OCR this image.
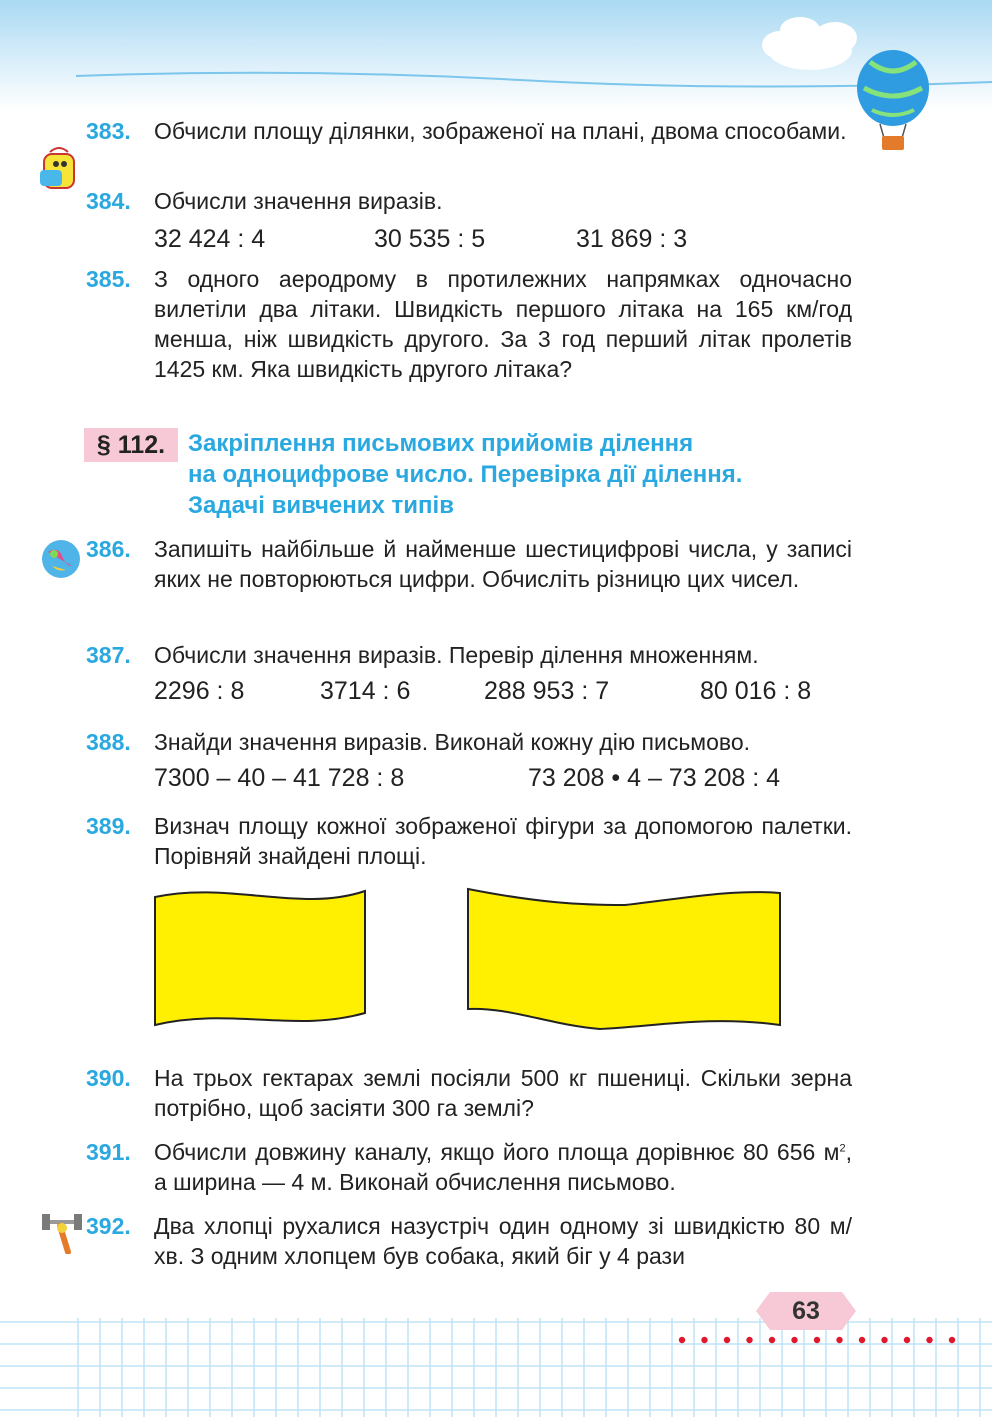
383.	Обчисли площу ділянки, зображеної на плані, двома способами.
384.	Обчисли значення виразів.
32 424 : 4	30 535 : 5	31 869 : 3
385.	З одного аеродрому в протилежних напрямках одночасно вилетіли два літаки. Швидкість першого літака на 165 км/год менша, ніж швидкість другого. За 3 год перший літак пролетів 1425 км. Яка швидкість другого літака?
§ 112. Закріплення письмових прийомів ділення
на одноцифрове число. Перевірка дії ділення.
Задачі вивчених типів
386.	Запишіть найбільше й найменше шестицифрові числа, у записі яких не повторюються цифри. Обчисліть різницю цих чисел.
387.	Обчисли значення виразів. Перевір ділення множенням.
2296 : 8	3714 : 6	288 953 : 7	80 016 : 8
388.	Знайди значення виразів. Виконай кожну дію письмово.
7300 – 40 – 41 728 : 8	73 208 • 4 – 73 208 : 4
389.	Визнач площу кожної зображеної фігури за допомогою палетки. Порівняй знайдені площі.
390.	На трьох гектарах землі посіяли 500 кг пшениці. Скільки зерна потрібно, щоб засіяти 300 га землі?
391.	Обчисли довжину каналу, якщо його площа дорівнює 80 656 $м^2$, а ширина — 4 м. Виконай обчислення письмово.
392.	Два хлопці рухалися назустріч один одному зі швидкістю 80 м/хв. З одним хлопцем був собака, який біг у 4 рази
63
